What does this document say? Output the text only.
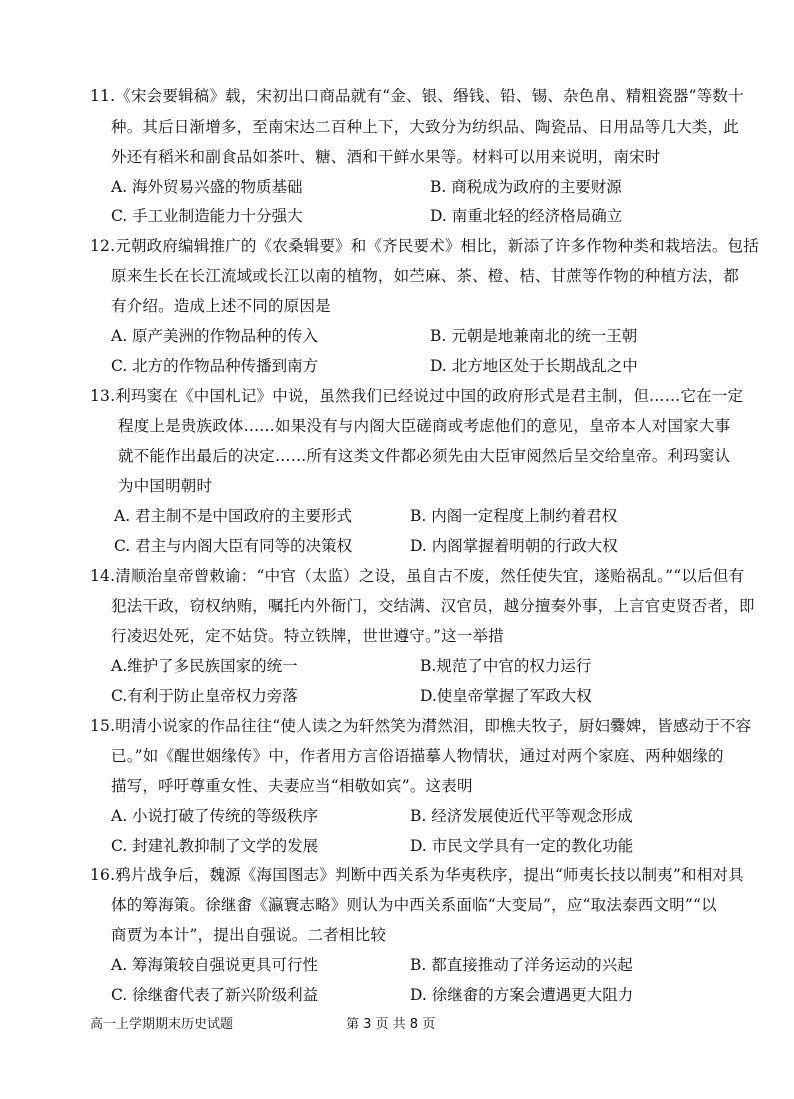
11.《宋会要辑稿》载，宋初出口商品就有“金、银、缗钱、铅、锡、杂色帛、精粗瓷器”等数十
种。其后日渐增多，至南宋达二百种上下，大致分为纺织品、陶瓷品、日用品等几大类，此
外还有稻米和副食品如茶叶、糖、酒和干鲜水果等。材料可以用来说明，南宋时
A. 海外贸易兴盛的物质基础	B. 商税成为政府的主要财源
C. 手工业制造能力十分强大	D. 南重北轻的经济格局确立
12.元朝政府编辑推广的《农桑辑要》和《齐民要术》相比，新添了许多作物种类和栽培法。包括
原来生长在长江流域或长江以南的植物，如苎麻、茶、橙、桔、甘蔗等作物的种植方法，都
有介绍。造成上述不同的原因是
A. 原产美洲的作物品种的传入	B. 元朝是地兼南北的统一王朝
C. 北方的作物品种传播到南方	D. 北方地区处于长期战乱之中
13.利玛窦在《中国札记》中说，虽然我们已经说过中国的政府形式是君主制，但……它在一定
程度上是贵族政体……如果没有与内阁大臣磋商或考虑他们的意见，皇帝本人对国家大事
就不能作出最后的决定……所有这类文件都必须先由大臣审阅然后呈交给皇帝。利玛窦认
为中国明朝时
A. 君主制不是中国政府的主要形式	B. 内阁一定程度上制约着君权
C. 君主与内阁大臣有同等的决策权	D. 内阁掌握着明朝的行政大权
14.清顺治皇帝曾敕谕：“中官（太监）之设，虽自古不废，然任使失宜，遂贻祸乱。”“以后但有
犯法干政，窃权纳贿，嘱托内外衙门，交结满、汉官员，越分擅奏外事，上言官吏贤否者，即
行凌迟处死，定不姑贷。特立铁牌，世世遵守。”这一举措
A.维护了多民族国家的统一	B.规范了中官的权力运行
C.有利于防止皇帝权力旁落	D.使皇帝掌握了军政大权
15.明清小说家的作品往往“使人读之为轩然笑为潸然泪，即樵夫牧子，厨妇爨婢，皆感动于不容
已。”如《醒世姻缘传》中，作者用方言俗语描摹人物情状，通过对两个家庭、两种姻缘的
描写，呼吁尊重女性、夫妻应当“相敬如宾”。这表明
A. 小说打破了传统的等级秩序	B. 经济发展使近代平等观念形成
C. 封建礼教抑制了文学的发展	D. 市民文学具有一定的教化功能
16.鸦片战争后，魏源《海国图志》判断中西关系为华夷秩序，提出“师夷长技以制夷”和相对具
体的筹海策。徐继畬《瀛寰志略》则认为中西关系面临“大变局”，应“取法泰西文明”“以
商贾为本计”，提出自强说。二者相比较
A. 筹海策较自强说更具可行性	B. 都直接推动了洋务运动的兴起
C. 徐继畬代表了新兴阶级利益	D. 徐继畬的方案会遭遇更大阻力
高一上学期期末历史试题	第 3 页 共 8 页
